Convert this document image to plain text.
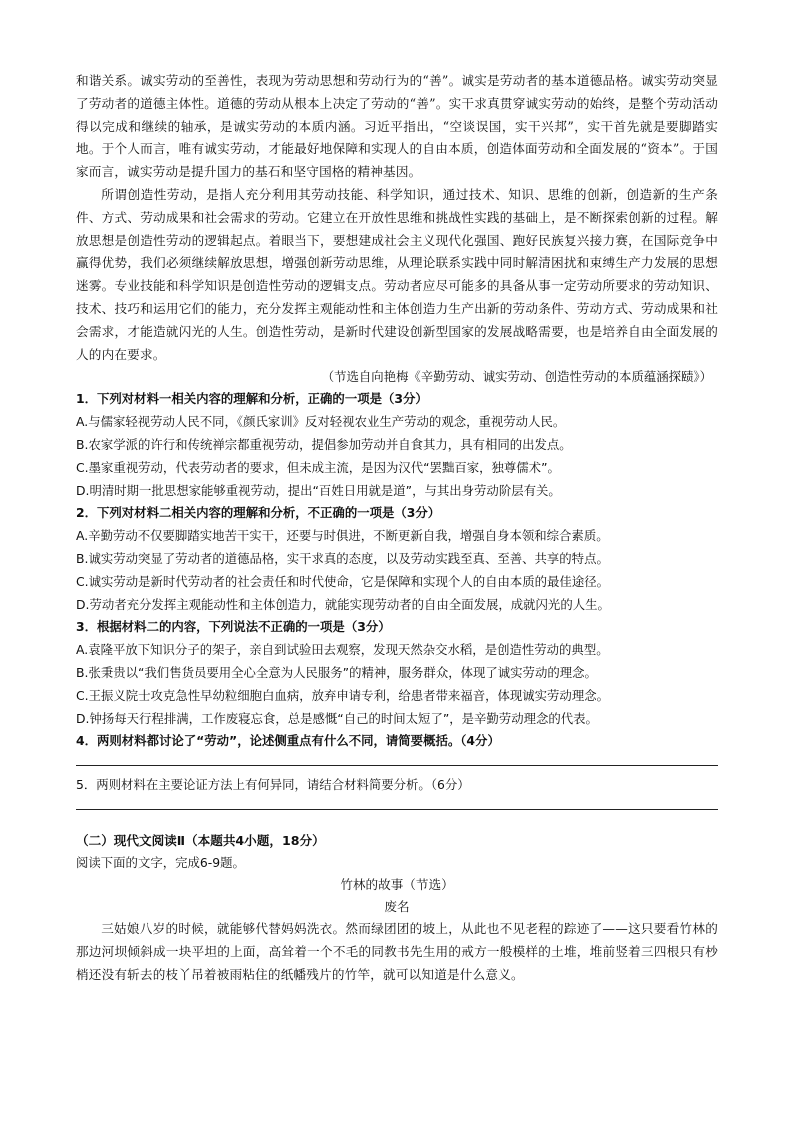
和谐关系。诚实劳动的至善性，表现为劳动思想和劳动行为的“善”。诚实是劳动者的基本道德品格。诚实劳动突显了劳动者的道德主体性。道德的劳动从根本上决定了劳动的“善”。实干求真贯穿诚实劳动的始终，是整个劳动活动得以完成和继续的轴承，是诚实劳动的本质内涵。习近平指出，“空谈误国，实干兴邦”，实干首先就是要脚踏实地。于个人而言，唯有诚实劳动，才能最好地保障和实现人的自由本质，创造体面劳动和全面发展的“资本”。于国家而言，诚实劳动是提升国力的基石和坚守国格的精神基因。

所谓创造性劳动，是指人充分利用其劳动技能、科学知识，通过技术、知识、思维的创新，创造新的生产条件、方式、劳动成果和社会需求的劳动。它建立在开放性思维和挑战性实践的基础上，是不断探索创新的过程。解放思想是创造性劳动的逻辑起点。着眼当下，要想建成社会主义现代化强国、跑好民族复兴接力赛，在国际竞争中赢得优势，我们必须继续解放思想，增强创新劳动思维，从理论联系实践中同时解清困扰和束缚生产力发展的思想迷雾。专业技能和科学知识是创造性劳动的逻辑支点。劳动者应尽可能多的具备从事一定劳动所要求的劳动知识、技术、技巧和运用它们的能力，充分发挥主观能动性和主体创造力生产出新的劳动条件、劳动方式、劳动成果和社会需求，才能造就闪光的人生。创造性劳动，是新时代建设创新型国家的发展战略需要，也是培养自由全面发展的人的内在要求。

（节选自向艳梅《辛勤劳动、诚实劳动、创造性劳动的本质蕴涵探赜》）

1．下列对材料一相关内容的理解和分析，正确的一项是（3分）

A.与儒家轻视劳动人民不同，《颜氏家训》反对轻视农业生产劳动的观念，重视劳动人民。

B.农家学派的许行和传统禅宗都重视劳动，提倡参加劳动并自食其力，具有相同的出发点。

C.墨家重视劳动，代表劳动者的要求，但未成主流，是因为汉代“罢黜百家，独尊儒术”。

D.明清时期一批思想家能够重视劳动，提出“百姓日用就是道”，与其出身劳动阶层有关。

2．下列对材料二相关内容的理解和分析，不正确的一项是（3分）

A.辛勤劳动不仅要脚踏实地苦干实干，还要与时俱进，不断更新自我，增强自身本领和综合素质。

B.诚实劳动突显了劳动者的道德品格，实干求真的态度，以及劳动实践至真、至善、共享的特点。

C.诚实劳动是新时代劳动者的社会责任和时代使命，它是保障和实现个人的自由本质的最佳途径。

D.劳动者充分发挥主观能动性和主体创造力，就能实现劳动者的自由全面发展，成就闪光的人生。

3．根据材料二的内容，下列说法不正确的一项是（3分）

A.袁隆平放下知识分子的架子，亲自到试验田去观察，发现天然杂交水稻，是创造性劳动的典型。

B.张秉贵以“我们售货员要用全心全意为人民服务”的精神，服务群众，体现了诚实劳动的理念。

C.王振义院士攻克急性早幼粒细胞白血病，放弃申请专利，给患者带来福音，体现诚实劳动理念。

D.钟扬每天行程排满，工作废寝忘食，总是感慨“自己的时间太短了”，是辛勤劳动理念的代表。

4．两则材料都讨论了“劳动”，论述侧重点有什么不同，请简要概括。（4分）

5．两则材料在主要论证方法上有何异同，请结合材料简要分析。（6分）

（二）现代文阅读Ⅱ（本题共4小题，18分）

阅读下面的文字，完成6-9题。

竹林的故事（节选）

废名

三姑娘八岁的时候，就能够代替妈妈洗衣。然而绿团团的坡上，从此也不见老程的踪迹了——这只要看竹林的那边河坝倾斜成一块平坦的上面，高耸着一个不毛的同教书先生用的戒方一般模样的土堆，堆前竖着三四根只有杪梢还没有斩去的枝丫吊着被雨粘住的纸幡残片的竹竿，就可以知道是什么意义。
